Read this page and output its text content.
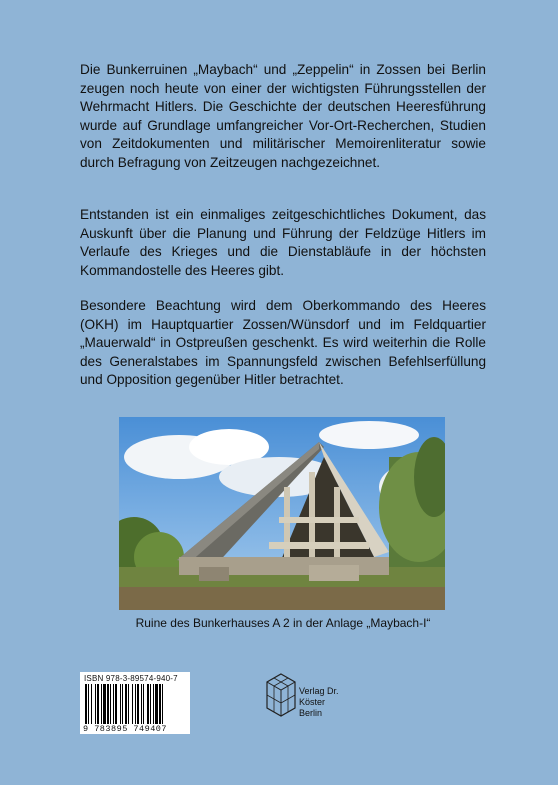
Die Bunkerruinen „Maybach“ und „Zeppelin“ in Zossen bei Berlin zeugen noch heute von einer der wichtigsten Führungsstellen der Wehrmacht Hitlers. Die Geschichte der deutschen Heeresführung wurde auf Grundlage umfangreicher Vor-Ort-Recherchen, Studien von Zeitdokumenten und militärischer Memoirenliteratur sowie durch Befragung von Zeitzeugen nachgezeichnet.

Entstanden ist ein einmaliges zeitgeschichtliches Dokument, das Auskunft über die Planung und Führung der Feldzüge Hitlers im Verlaufe des Krieges und die Dienstabläufe in der höchsten Kommandostelle des Heeres gibt.

Besondere Beachtung wird dem Oberkommando des Heeres (OKH) im Hauptquartier Zossen/Wünsdorf und im Feldquartier „Mauerwald“ in Ostpreußen geschenkt. Es wird weiterhin die Rolle des Generalstabes im Spannungsfeld zwischen Befehlserfüllung und Opposition gegenüber Hitler betrachtet.

Ruine des Bunkerhauses A 2 in der Anlage „Maybach-I“
ISBN 978-3-89574-940-7
9 783895 749407
Verlag Dr. Köster
Berlin
